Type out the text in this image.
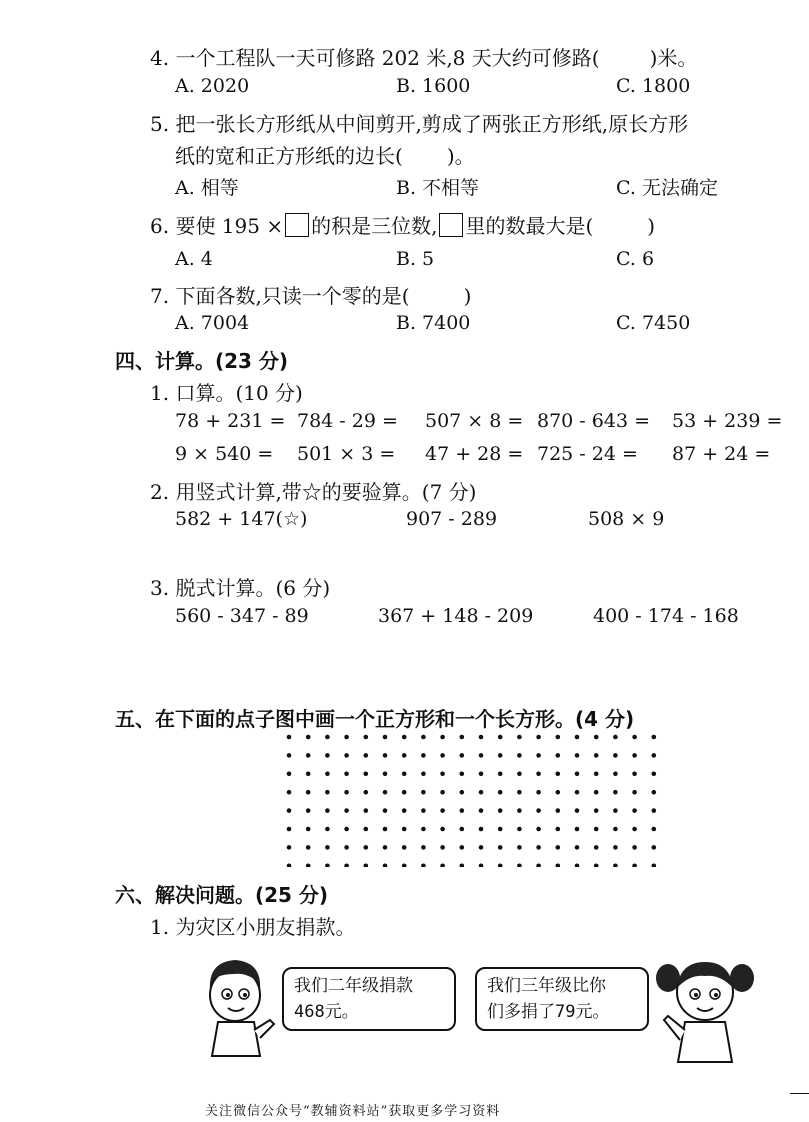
4. 一个工程队一天可修路 202 米,8 天大约可修路(	)米。
A. 2020	B. 1600	C. 1800
5. 把一张长方形纸从中间剪开,剪成了两张正方形纸,原长方形
纸的宽和正方形纸的边长( )。
A. 相等	B. 不相等	C. 无法确定
6. 要使 195 × 的积是三位数, 里的数最大是(	)
A. 4	B. 5	C. 6
7. 下面各数,只读一个零的是(	)
A. 7004	B. 7400	C. 7450
四、计算。(23 分)
1. 口算。(10 分)
78 + 231 = 784 - 29 = 507 × 8 = 870 - 643 = 53 + 239 =
9 × 540 = 501 × 3 = 47 + 28 = 725 - 24 = 87 + 24 =
2. 用竖式计算,带☆的要验算。(7 分)
582 + 147(☆)	907 - 289	508 × 9
3. 脱式计算。(6 分)
560 - 347 - 89	367 + 148 - 209	400 - 174 - 168
五、在下面的点子图中画一个正方形和一个长方形。(4 分)
六、解决问题。(25 分)
1. 为灾区小朋友捐款。
我们二年级捐款
468元。
我们三年级比你
们多捐了79元。
关注微信公众号“教辅资料站”获取更多学习资料
